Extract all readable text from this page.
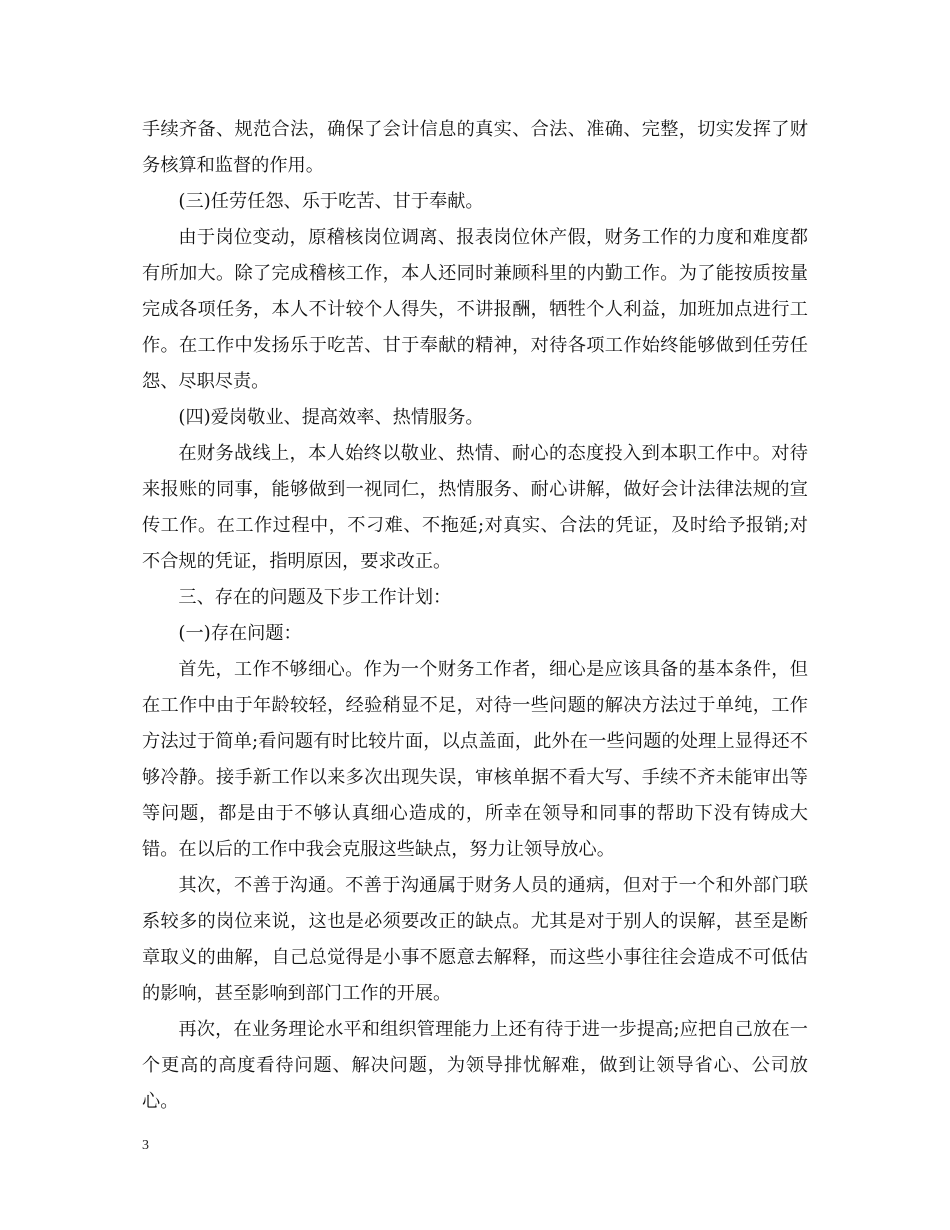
手续齐备、规范合法，确保了会计信息的真实、合法、准确、完整，切实发挥了财务核算和监督的作用。

(三)任劳任怨、乐于吃苦、甘于奉献。

由于岗位变动，原稽核岗位调离、报表岗位休产假，财务工作的力度和难度都有所加大。除了完成稽核工作，本人还同时兼顾科里的内勤工作。为了能按质按量完成各项任务，本人不计较个人得失，不讲报酬，牺牲个人利益，加班加点进行工作。在工作中发扬乐于吃苦、甘于奉献的精神，对待各项工作始终能够做到任劳任怨、尽职尽责。

(四)爱岗敬业、提高效率、热情服务。

在财务战线上，本人始终以敬业、热情、耐心的态度投入到本职工作中。对待来报账的同事，能够做到一视同仁，热情服务、耐心讲解，做好会计法律法规的宣传工作。在工作过程中，不刁难、不拖延;对真实、合法的凭证，及时给予报销;对不合规的凭证，指明原因，要求改正。

三、存在的问题及下步工作计划：

(一)存在问题：

首先，工作不够细心。作为一个财务工作者，细心是应该具备的基本条件，但在工作中由于年龄较轻，经验稍显不足，对待一些问题的解决方法过于单纯，工作方法过于简单;看问题有时比较片面，以点盖面，此外在一些问题的处理上显得还不够冷静。接手新工作以来多次出现失误，审核单据不看大写、手续不齐未能审出等等问题，都是由于不够认真细心造成的，所幸在领导和同事的帮助下没有铸成大错。在以后的工作中我会克服这些缺点，努力让领导放心。

其次，不善于沟通。不善于沟通属于财务人员的通病，但对于一个和外部门联系较多的岗位来说，这也是必须要改正的缺点。尤其是对于别人的误解，甚至是断章取义的曲解，自己总觉得是小事不愿意去解释，而这些小事往往会造成不可低估的影响，甚至影响到部门工作的开展。

再次，在业务理论水平和组织管理能力上还有待于进一步提高;应把自己放在一个更高的高度看待问题、解决问题，为领导排忧解难，做到让领导省心、公司放心。

3
